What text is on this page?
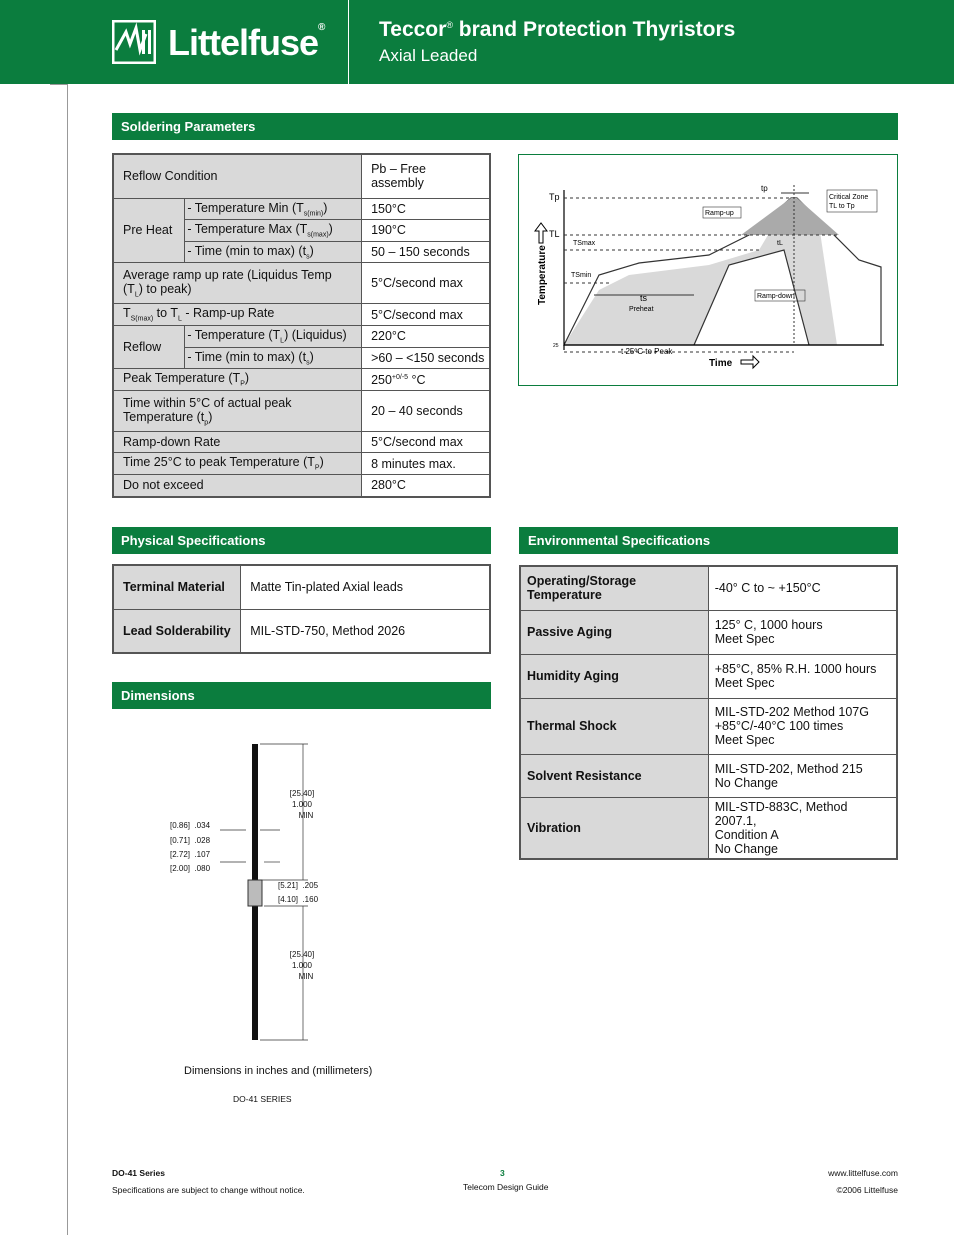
Littelfuse®	Teccor® brand Protection Thyristors
Axial Leaded
Soldering Parameters
Reflow Condition		Pb – Free assembly
Pre Heat	- Temperature Min $(T_{s(min)})$	150°C
	- Temperature Max $(T_{s(max)})$	190°C
	- Time (min to max) $(t_s)$	50 – 150 seconds
Average ramp up rate (Liquidus Temp
$(T_L)$ to peak)		5°C/second max
$T_{S(max)}$ to $T_L$ - Ramp-up Rate		5°C/second max
Reflow	- Temperature $(T_L)$ (Liquidus)	220°C
	- Time (min to max) $(t_s)$	>60 – <150 seconds
Peak Temperature $(T_P)$		$250^{+0/-5}$ °C
Time within 5°C of actual peak
Temperature $(t_p)$		20 – 40 seconds
Ramp-down Rate		5°C/second max
Time 25°C to peak Temperature $(T_P)$		8 minutes max.
Do not exceed		280°C
Tp
TL
TSmax
TSmin
ts
Preheat
Ramp-up
Ramp-down
tp
tL
Critical Zone
TL to Tp
t 25ºC to Peak
25
Time
Temperature
Physical Specifications
Terminal Material	Matte Tin-plated Axial leads
Lead Solderability	MIL-STD-750, Method 2026
Environmental Specifications
Operating/Storage
Temperature	-40° C to ~ +150°C
Passive Aging	125° C, 1000 hours
Meet Spec
Humidity Aging	+85°C, 85% R.H. 1000 hours
Meet Spec
Thermal Shock	MIL-STD-202 Method 107G
+85°C/-40°C 100 times
Meet Spec
Solvent Resistance	MIL-STD-202, Method 215
No Change
Vibration	MIL-STD-883C, Method 2007.1,
Condition A
No Change
Dimensions
[25.40]
1.000
MIN
[25.40]
1.000
MIN
[0.86]  .034
[0.71]  .028
[2.72]  .107
[2.00]  .080
[5.21]  .205
[4.10]  .160
Dimensions in inches and (millimeters)
DO-41 SERIES
DO-41 Series
Specifications are subject to change without notice.
3
Telecom Design Guide
www.littelfuse.com
©2006 Littelfuse
